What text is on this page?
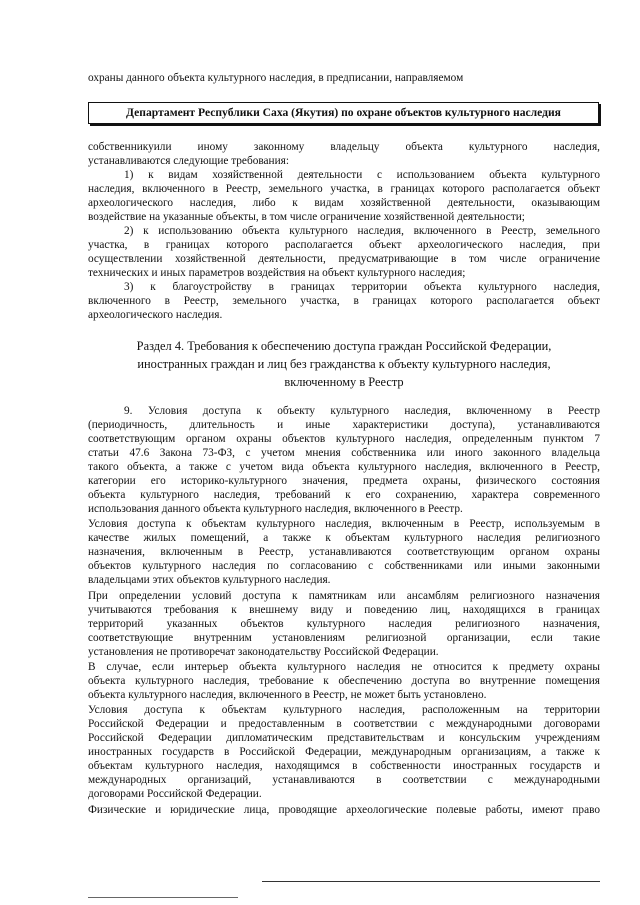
охраны данного объекта культурного наследия, в предписании, направляемом
Департамент Республики Саха (Якутия) по охране объектов культурного наследия
собственникуили иному законному владельцу объекта культурного наследия,
устанавливаются следующие требования:
1) к видам хозяйственной деятельности с использованием объекта культурного
наследия, включенного в Реестр, земельного участка, в границах которого располагается объект
археологического наследия, либо к видам хозяйственной деятельности, оказывающим
воздействие на указанные объекты, в том числе ограничение хозяйственной деятельности;
2) к использованию объекта культурного наследия, включенного в Реестр, земельного
участка, в границах которого располагается объект археологического наследия, при
осуществлении хозяйственной деятельности, предусматривающие в том числе ограничение
технических и иных параметров воздействия на объект культурного наследия;
3) к благоустройству в границах территории объекта культурного наследия,
включенного в Реестр, земельного участка, в границах которого располагается объект
археологического наследия.
Раздел 4. Требования к обеспечению доступа граждан Российской Федерации,
иностранных граждан и лиц без гражданства к объекту культурного наследия,
включенному в Реестр
9. Условия доступа к объекту культурного наследия, включенному в Реестр
(периодичность, длительность и иные характеристики доступа), устанавливаются
соответствующим органом охраны объектов культурного наследия, определенным пунктом 7
статьи 47.6 Закона 73-ФЗ, с учетом мнения собственника или иного законного владельца
такого объекта, а также с учетом вида объекта культурного наследия, включенного в Реестр,
категории его историко-культурного значения, предмета охраны, физического состояния
объекта культурного наследия, требований к его сохранению, характера современного
использования данного объекта культурного наследия, включенного в Реестр.
Условия доступа к объектам культурного наследия, включенным в Реестр, используемым в
качестве жилых помещений, а также к объектам культурного наследия религиозного
назначения, включенным в Реестр, устанавливаются соответствующим органом охраны
объектов культурного наследия по согласованию с собственниками или иными законными
владельцами этих объектов культурного наследия.
При определении условий доступа к памятникам или ансамблям религиозного назначения
учитываются требования к внешнему виду и поведению лиц, находящихся в границах
территорий указанных объектов культурного наследия религиозного назначения,
соответствующие внутренним установлениям религиозной организации, если такие
установления не противоречат законодательству Российской Федерации.
В случае, если интерьер объекта культурного наследия не относится к предмету охраны
объекта культурного наследия, требование к обеспечению доступа во внутренние помещения
объекта культурного наследия, включенного в Реестр, не может быть установлено.
Условия доступа к объектам культурного наследия, расположенным на территории
Российской Федерации и предоставленным в соответствии с международными договорами
Российской Федерации дипломатическим представительствам и консульским учреждениям
иностранных государств в Российской Федерации, международным организациям, а также к
объектам культурного наследия, находящимся в собственности иностранных государств и
международных организаций, устанавливаются в соответствии с международными
договорами Российской Федерации.
Физические и юридические лица, проводящие археологические полевые работы, имеют право
